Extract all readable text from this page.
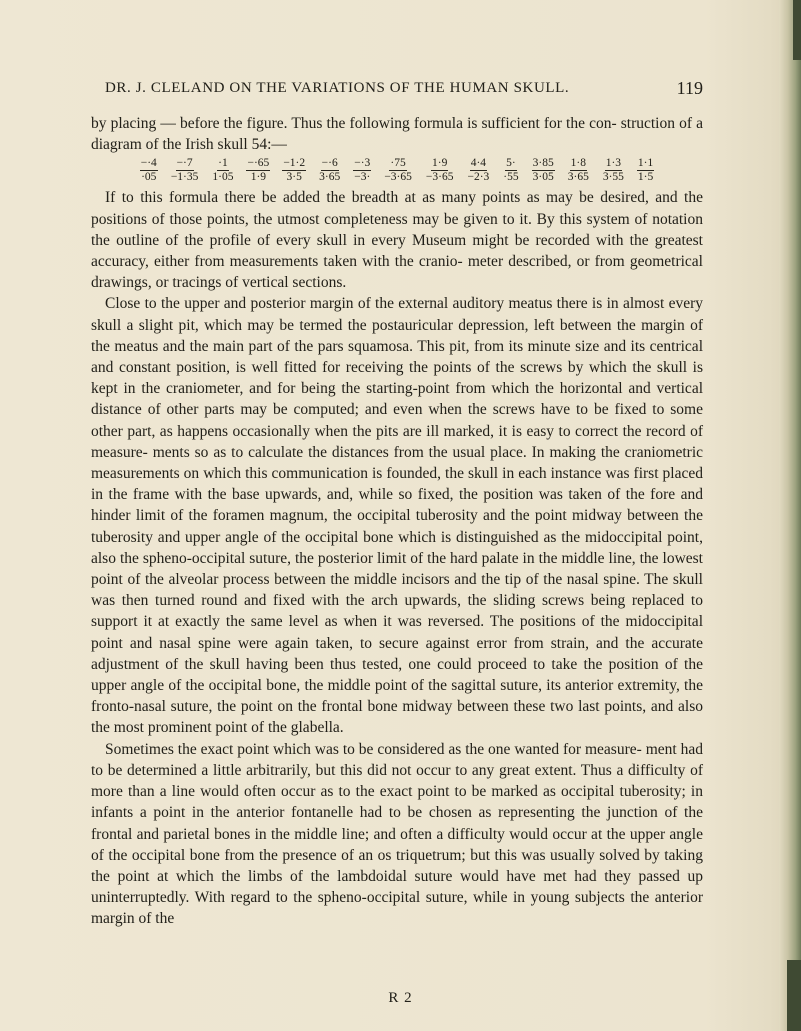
DR. J. CLELAND ON THE VARIATIONS OF THE HUMAN SKULL.	119

by placing — before the figure. Thus the following formula is sufficient for the con- struction of a diagram of the Irish skull 54:—

$\frac{-\cdot 4}{\cdot 05} \frac{-\cdot 7}{-1\cdot 35} \frac{\cdot 1}{1\cdot 05} \frac{-\cdot 65}{1\cdot 9} \frac{-1\cdot 2}{3\cdot 5} \frac{-\cdot 6}{3\cdot 65} \frac{-\cdot 3}{-3\cdot} \frac{\cdot 75}{-3\cdot 65} \frac{1\cdot 9}{-3\cdot 65} \frac{4\cdot 4}{-2\cdot 3} \frac{5\cdot}{\cdot 55} \frac{3\cdot 85}{3\cdot 05} \frac{1\cdot 8}{3\cdot 65} \frac{1\cdot 3}{3\cdot 55} \frac{1\cdot 1}{1\cdot 5}$

If to this formula there be added the breadth at as many points as may be desired, and the positions of those points, the utmost completeness may be given to it. By this system of notation the outline of the profile of every skull in every Museum might be recorded with the greatest accuracy, either from measurements taken with the cranio- meter described, or from geometrical drawings, or tracings of vertical sections.

Close to the upper and posterior margin of the external auditory meatus there is in almost every skull a slight pit, which may be termed the postauricular depression, left between the margin of the meatus and the main part of the pars squamosa. This pit, from its minute size and its centrical and constant position, is well fitted for receiving the points of the screws by which the skull is kept in the craniometer, and for being the starting-point from which the horizontal and vertical distance of other parts may be computed; and even when the screws have to be fixed to some other part, as happens occasionally when the pits are ill marked, it is easy to correct the record of measure- ments so as to calculate the distances from the usual place. In making the craniometric measurements on which this communication is founded, the skull in each instance was first placed in the frame with the base upwards, and, while so fixed, the position was taken of the fore and hinder limit of the foramen magnum, the occipital tuberosity and the point midway between the tuberosity and upper angle of the occipital bone which is distinguished as the midoccipital point, also the spheno-occipital suture, the posterior limit of the hard palate in the middle line, the lowest point of the alveolar process between the middle incisors and the tip of the nasal spine. The skull was then turned round and fixed with the arch upwards, the sliding screws being replaced to support it at exactly the same level as when it was reversed. The positions of the midoccipital point and nasal spine were again taken, to secure against error from strain, and the accurate adjustment of the skull having been thus tested, one could proceed to take the position of the upper angle of the occipital bone, the middle point of the sagittal suture, its anterior extremity, the fronto-nasal suture, the point on the frontal bone midway between these two last points, and also the most prominent point of the glabella.

Sometimes the exact point which was to be considered as the one wanted for measure- ment had to be determined a little arbitrarily, but this did not occur to any great extent. Thus a difficulty of more than a line would often occur as to the exact point to be marked as occipital tuberosity; in infants a point in the anterior fontanelle had to be chosen as representing the junction of the frontal and parietal bones in the middle line; and often a difficulty would occur at the upper angle of the occipital bone from the presence of an os triquetrum; but this was usually solved by taking the point at which the limbs of the lambdoidal suture would have met had they passed up uninterruptedly. With regard to the spheno-occipital suture, while in young subjects the anterior margin of the

R 2
